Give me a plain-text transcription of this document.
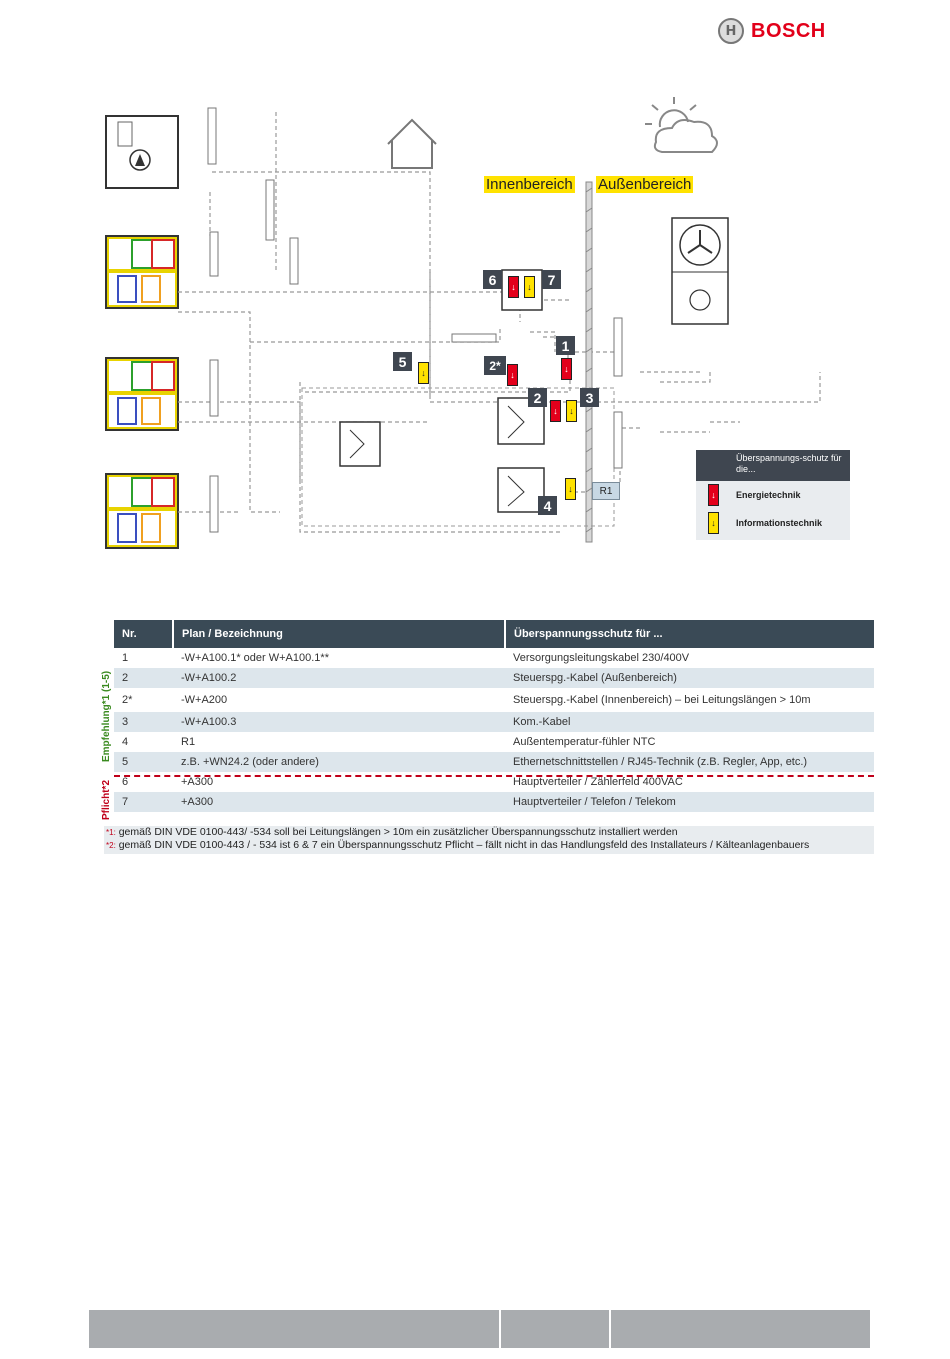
H BOSCH
Innenbereich Außenbereich
6	7
1
5	2*
2	3
4
↓	↓
↓
↓	↓
↓	↓
↓	R1
Überspannungs-schutz für die...
↓	Energietechnik
↓	Informationstechnik
Empfehlung*1 (1-5)
Pflicht*2
Nr.	Plan / Bezeichnung	Überspannungsschutz für ...
1	-W+A100.1* oder W+A100.1**	Versorgungsleitungskabel 230/400V
2	-W+A100.2	Steuerspg.-Kabel (Außenbereich)
2*	-W+A200	Steuerspg.-Kabel (Innenbereich) – bei Leitungslängen > 10m
3	-W+A100.3	Kom.-Kabel
4	R1	Außentemperatur-fühler NTC
5	z.B. +WN24.2 (oder andere)	Ethernetschnittstellen / RJ45-Technik (z.B. Regler, App, etc.)
6	+A300	Hauptverteiler / Zählerfeld 400VAC
7	+A300	Hauptverteiler / Telefon / Telekom
$^{*1:}$ gemäß DIN VDE 0100-443/ -534 soll bei Leitungslängen > 10m ein zusätzlicher Überspannungsschutz installiert werden
$^{*2:}$ gemäß DIN VDE 0100-443 / - 534 ist 6 & 7 ein Überspannungsschutz Pflicht – fällt nicht in das Handlungsfeld des Installateurs / Kälteanlagenbauers
